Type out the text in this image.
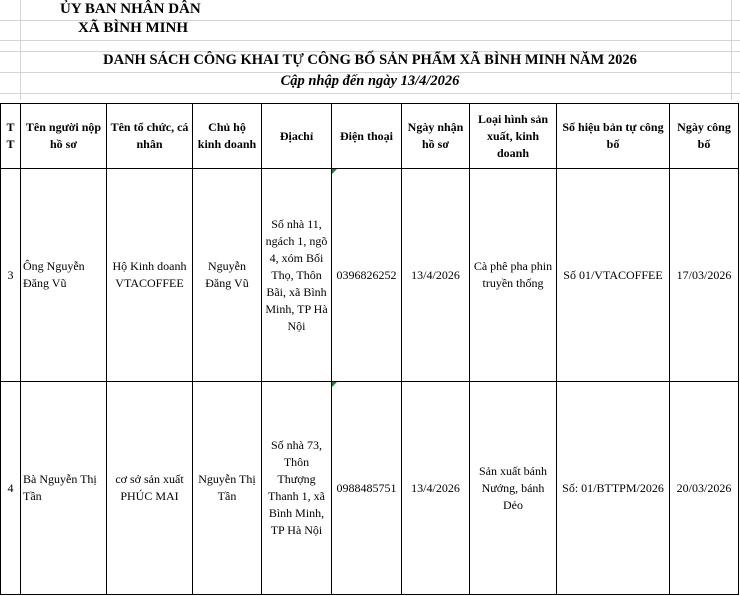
ỦY BAN NHÂN DÂN
XÃ BÌNH MINH
DANH SÁCH CÔNG KHAI TỰ CÔNG BỐ SẢN PHẨM XÃ BÌNH MINH NĂM 2026
Cập nhập đến ngày 13/4/2026
T T	Tên người nộp hồ sơ	Tên tổ chức, cá nhân	Chủ hộ kinh doanh	Địachỉ	Điện thoại	Ngày nhận hồ sơ	Loại hình sản xuất, kinh doanh	Số hiệu bản tự công bố	Ngày công bố
3	Ông Nguyễn Đăng Vũ	Hộ Kinh doanh VTACOFFEE	Nguyễn Đăng Vũ	Số nhà 11, ngách 1, ngõ 4, xóm Bối Thọ, Thôn Bãi, xã Bình Minh, TP Hà Nội	0396826252	13/4/2026	Cà phê pha phin truyền thống	Số 01/VTACOFFEE	17/03/2026
4	Bà Nguyễn Thị Tần	cơ sở sản xuất PHÚC MAI	Nguyễn Thị Tần	Số nhà 73, Thôn Thượng Thanh 1, xã Bình Minh, TP Hà Nội	0988485751	13/4/2026	Sản xuất bánh Nướng, bánh Dẻo	Số: 01/BTTPM/2026	20/03/2026
